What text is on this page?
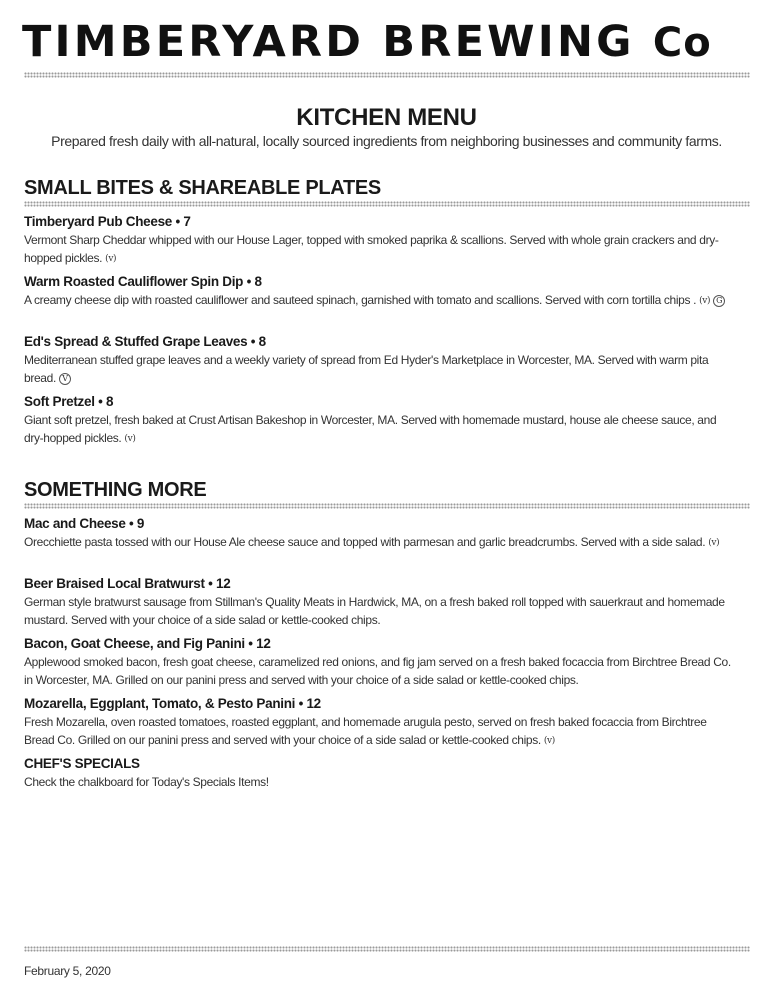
TIMBERYARD BREWING Co
KITCHEN MENU
Prepared fresh daily with all-natural, locally sourced ingredients from neighboring businesses and community farms.
SMALL BITES & SHAREABLE PLATES
Timberyard Pub Cheese • 7
Vermont Sharp Cheddar whipped with our House Lager, topped with smoked paprika & scallions. Served with whole grain crackers and dry-hopped pickles. (v)
Warm Roasted Cauliflower Spin Dip • 8
A creamy cheese dip with roasted cauliflower and sauteed spinach, garnished with tomato and scallions. Served with corn tortilla chips . (v) G
Ed's Spread & Stuffed Grape Leaves • 8
Mediterranean stuffed grape leaves and a weekly variety of spread from Ed Hyder's Marketplace in Worcester, MA. Served with warm pita bread. V
Soft Pretzel • 8
Giant soft pretzel, fresh baked at Crust Artisan Bakeshop in Worcester, MA. Served with homemade mustard, house ale cheese sauce, and dry-hopped pickles. (v)
SOMETHING MORE
Mac and Cheese • 9
Orecchiette pasta tossed with our House Ale cheese sauce and topped with parmesan and garlic breadcrumbs. Served with a side salad. (v)
Beer Braised Local Bratwurst • 12
German style bratwurst sausage from Stillman's Quality Meats in Hardwick, MA, on a fresh baked roll topped with sauerkraut and homemade mustard. Served with your choice of a side salad or kettle-cooked chips.
Bacon, Goat Cheese, and Fig Panini • 12
Applewood smoked bacon, fresh goat cheese, caramelized red onions, and fig jam served on a fresh baked focaccia from Birchtree Bread Co. in Worcester, MA. Grilled on our panini press and served with your choice of a side salad or kettle-cooked chips.
Mozarella, Eggplant, Tomato, & Pesto Panini • 12
Fresh Mozarella, oven roasted tomatoes, roasted eggplant, and homemade arugula pesto, served on fresh baked focaccia from Birchtree Bread Co. Grilled on our panini press and served with your choice of a side salad or kettle-cooked chips. (v)
CHEF'S SPECIALS
Check the chalkboard for Today's Specials Items!
February 5, 2020
